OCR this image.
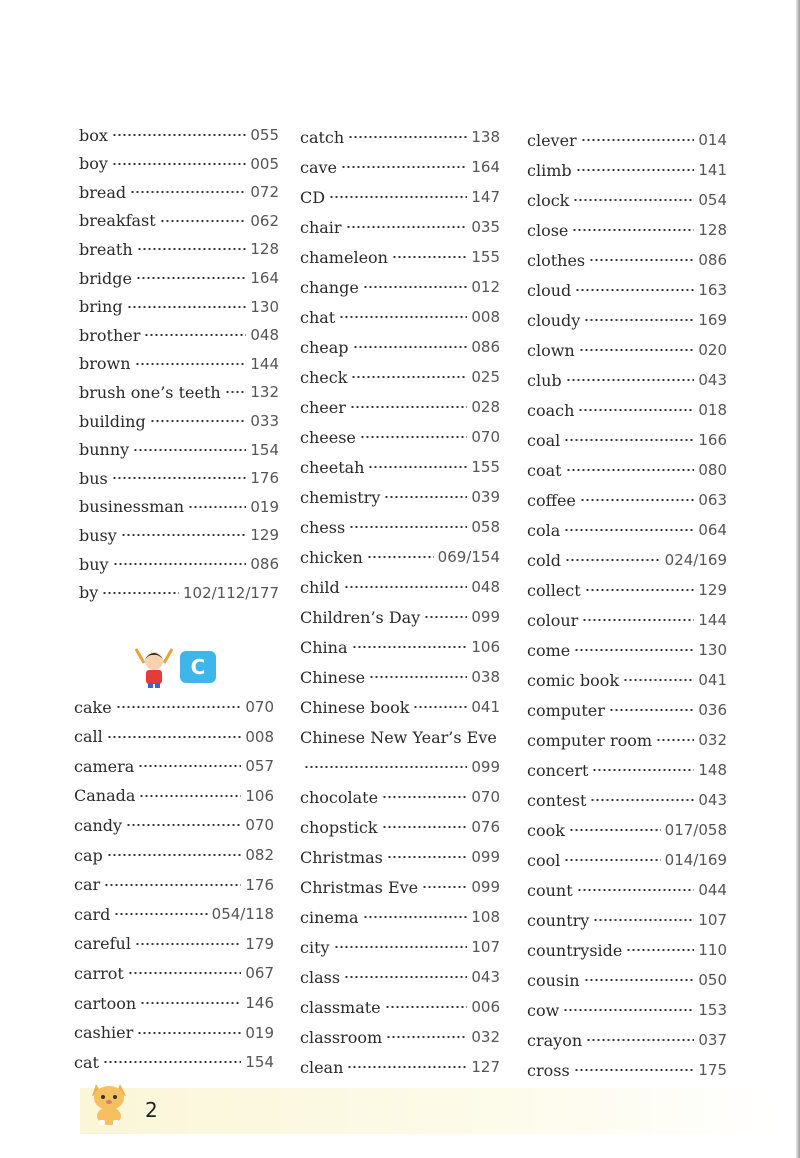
box	055
boy	005
bread	072
breakfast	062
breath	128
bridge	164
bring	130
brother	048
brown	144
brush one’s teeth 132
building	033
bunny	154
bus	176
businessman	019
busy	129
buy	086
by	102/112/177
cake	070
call	008
camera	057
Canada	106
candy	070
cap	082
car	176
card	054/118
careful	179
carrot	067
cartoon	146
cashier	019
cat	154
catch	138
cave	164
CD	147
chair	035
chameleon	155
change	012
chat	008
cheap	086
check	025
cheer	028
cheese	070
cheetah	155
chemistry	039
chess	058
chicken	069/154
child	048
Children’s Day	099
China	106
Chinese	038
Chinese book	041
Chinese New Year’s Eve
099
chocolate	070
chopstick	076
Christmas	099
Christmas Eve	099
cinema	108
city	107
class	043
classmate	006
classroom	032
clean	127
clever	014
climb	141
clock	054
close	128
clothes	086
cloud	163
cloudy	169
clown	020
club	043
coach	018
coal	166
coat	080
coffee	063
cola	064
cold	024/169
collect	129
colour	144
come	130
comic book	041
computer	036
computer room	032
concert	148
contest	043
cook	017/058
cool	014/169
count	044
country	107
countryside	110
cousin	050
cow	153
crayon	037
cross	175
C
2
